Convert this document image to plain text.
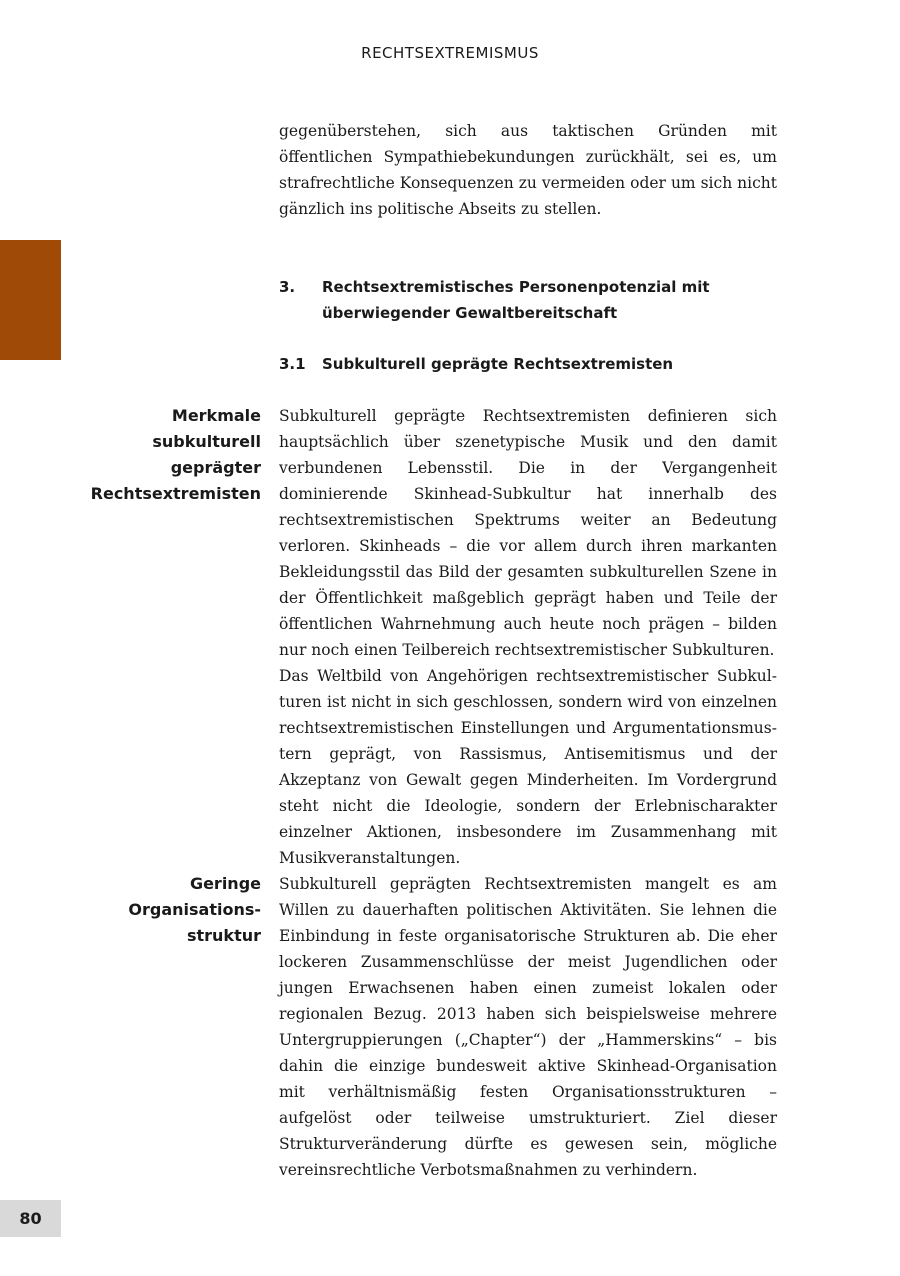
RECHTSEXTREMISMUS

gegenüberstehen, sich aus taktischen Gründen mit öffentlichen Sympathiebekundungen zurückhält, sei es, um strafrechtliche Konsequenzen zu vermeiden oder um sich nicht gänzlich ins politische Abseits zu stellen.

3.	Rechtsextremistisches Personenpotenzial mit überwiegender Gewaltbereitschaft
3.1	Subkulturell geprägte Rechtsextremisten
Merkmale
subkulturell
geprägter
Rechtsextremisten

Subkulturell geprägte Rechtsextremisten definieren sich hauptsächlich über szenetypische Musik und den damit verbundenen Lebensstil. Die in der Vergangenheit dominierende Skinhead-Subkultur hat innerhalb des rechtsextremistischen Spektrums weiter an Bedeutung verloren. Skinheads – die vor allem durch ihren markanten Bekleidungsstil das Bild der gesamten subkulturellen Szene in der Öffentlichkeit maßgeblich geprägt haben und Teile der öffentlichen Wahrnehmung auch heute noch prägen – bilden nur noch einen Teilbereich rechtsextremistischer Subkulturen.

Das Weltbild von Angehörigen rechtsextremistischer Subkulturen ist nicht in sich geschlossen, sondern wird von einzelnen rechtsextremistischen Einstellungen und Argumentationsmustern geprägt, von Rassismus, Antisemitismus und der Akzeptanz von Gewalt gegen Minderheiten. Im Vordergrund steht nicht die Ideologie, sondern der Erlebnischarakter einzelner Aktionen, insbesondere im Zusammenhang mit Musikveranstaltungen.

Geringe
Organisations-
struktur

Subkulturell geprägten Rechtsextremisten mangelt es am Willen zu dauerhaften politischen Aktivitäten. Sie lehnen die Einbindung in feste organisatorische Strukturen ab. Die eher lockeren Zusammenschlüsse der meist Jugendlichen oder jungen Erwachsenen haben einen zumeist lokalen oder regionalen Bezug. 2013 haben sich beispielsweise mehrere Untergruppierungen („Chapter“) der „Hammerskins“ – bis dahin die einzige bundesweit aktive Skinhead-Organisation mit verhältnismäßig festen Organisationsstrukturen – aufgelöst oder teilweise umstrukturiert. Ziel dieser Strukturveränderung dürfte es gewesen sein, mögliche vereinsrechtliche Verbotsmaßnahmen zu verhindern.

80
